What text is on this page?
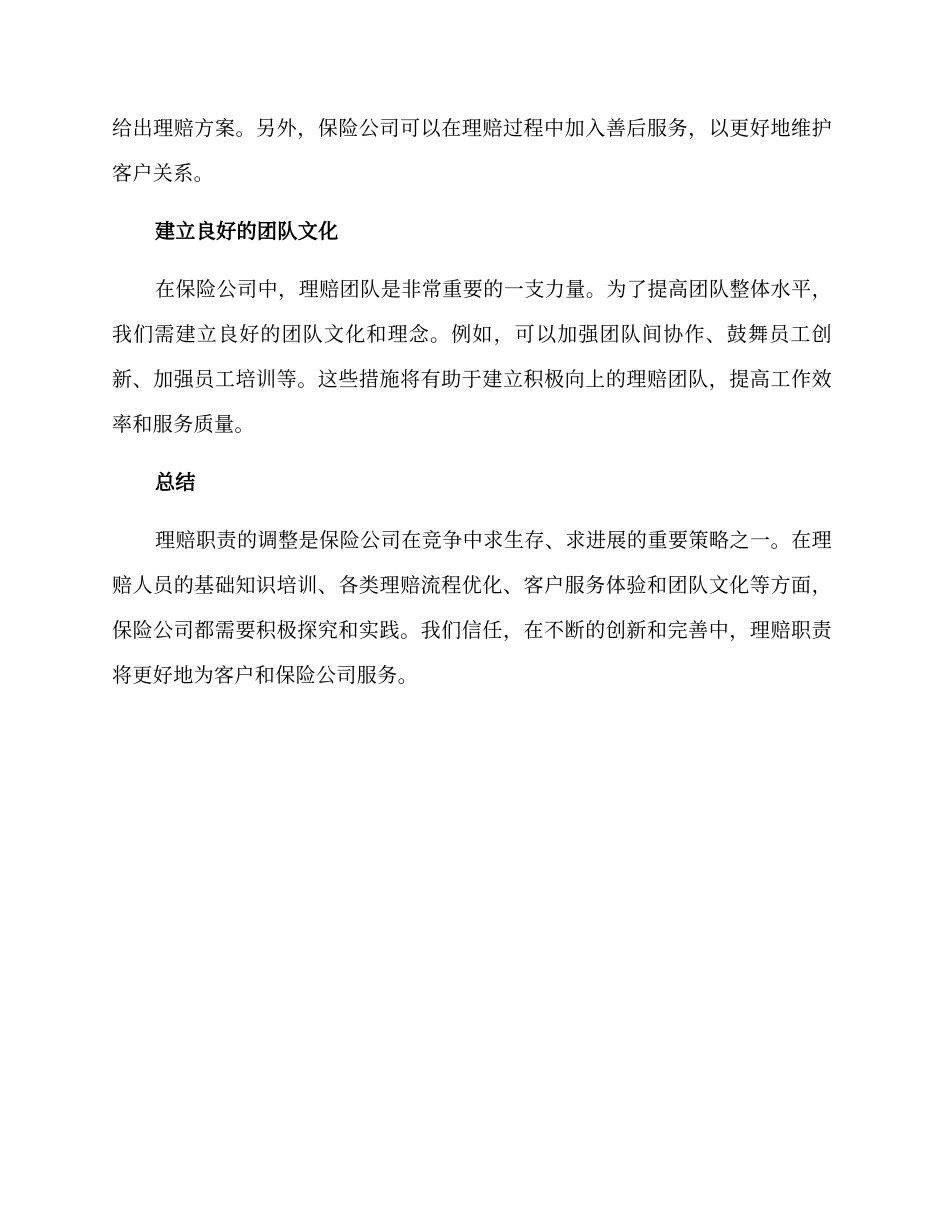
给出理赔方案。另外，保险公司可以在理赔过程中加入善后服务，以更好地维护客户关系。

建立良好的团队文化

在保险公司中，理赔团队是非常重要的一支力量。为了提高团队整体水平，我们需建立良好的团队文化和理念。例如，可以加强团队间协作、鼓舞员工创新、加强员工培训等。这些措施将有助于建立积极向上的理赔团队，提高工作效率和服务质量。

总结

理赔职责的调整是保险公司在竞争中求生存、求进展的重要策略之一。在理赔人员的基础知识培训、各类理赔流程优化、客户服务体验和团队文化等方面，保险公司都需要积极探究和实践。我们信任，在不断的创新和完善中，理赔职责将更好地为客户和保险公司服务。
